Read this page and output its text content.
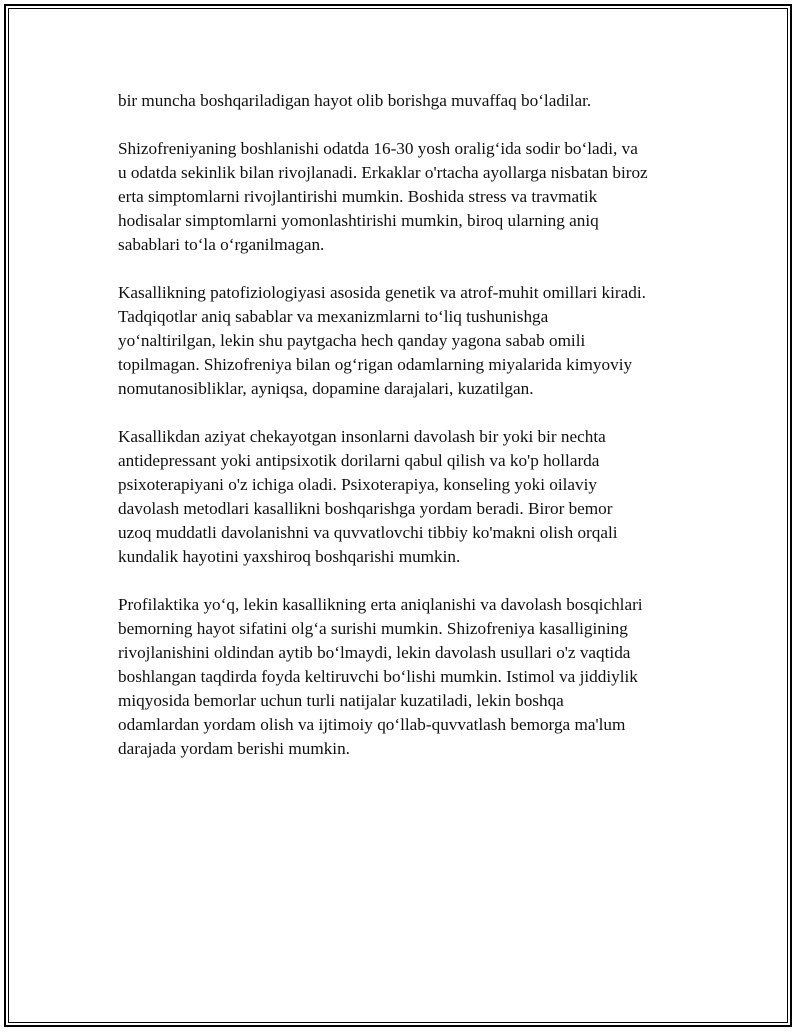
bir muncha boshqariladigan hayot olib borishga muvaffaq bo‘ladilar.

Shizofreniyaning boshlanishi odatda 16-30 yosh oralig‘ida sodir bo‘ladi, va
u odatda sekinlik bilan rivojlanadi. Erkaklar o'rtacha ayollarga nisbatan biroz
erta simptomlarni rivojlantirishi mumkin. Boshida stress va travmatik
hodisalar simptomlarni yomonlashtirishi mumkin, biroq ularning aniq
sabablari to‘la o‘rganilmagan.

Kasallikning patofiziologiyasi asosida genetik va atrof-muhit omillari kiradi.
Tadqiqotlar aniq sabablar va mexanizmlarni to‘liq tushunishga
yo‘naltirilgan, lekin shu paytgacha hech qanday yagona sabab omili
topilmagan. Shizofreniya bilan og‘rigan odamlarning miyalarida kimyoviy
nomutanosibliklar, ayniqsa, dopamine darajalari, kuzatilgan.

Kasallikdan aziyat chekayotgan insonlarni davolash bir yoki bir nechta
antidepressant yoki antipsixotik dorilarni qabul qilish va ko'p hollarda
psixoterapiyani o'z ichiga oladi. Psixoterapiya, konseling yoki oilaviy
davolash metodlari kasallikni boshqarishga yordam beradi. Biror bemor
uzoq muddatli davolanishni va quvvatlovchi tibbiy ko'makni olish orqali
kundalik hayotini yaxshiroq boshqarishi mumkin.

Profilaktika yo‘q, lekin kasallikning erta aniqlanishi va davolash bosqichlari
bemorning hayot sifatini olg‘a surishi mumkin. Shizofreniya kasalligining
rivojlanishini oldindan aytib bo‘lmaydi, lekin davolash usullari o'z vaqtida
boshlangan taqdirda foyda keltiruvchi bo‘lishi mumkin. Istimol va jiddiylik
miqyosida bemorlar uchun turli natijalar kuzatiladi, lekin boshqa
odamlardan yordam olish va ijtimoiy qo‘llab-quvvatlash bemorga ma'lum
darajada yordam berishi mumkin.
